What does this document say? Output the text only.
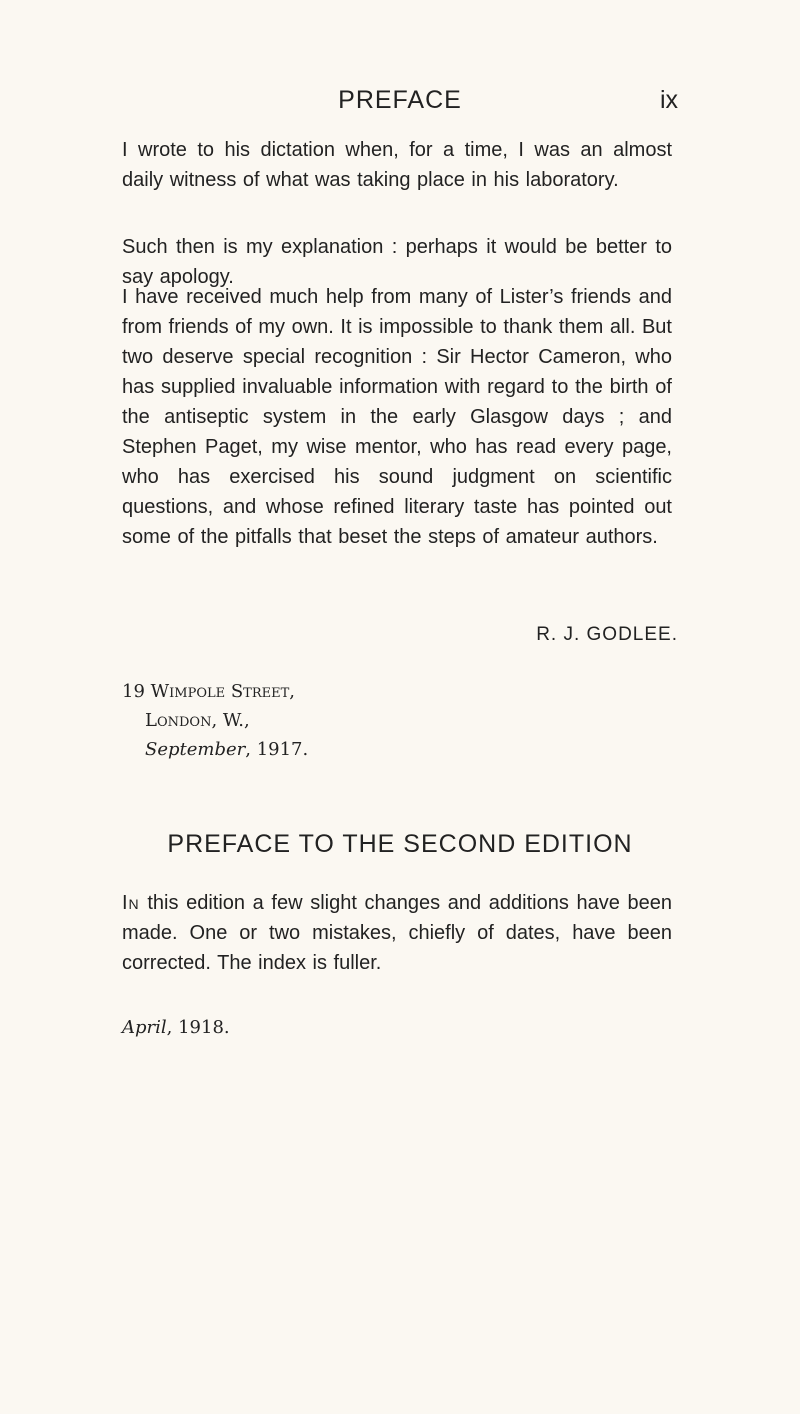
PREFACE	ix
I wrote to his dictation when, for a time, I was an almost daily witness of what was taking place in his laboratory.
Such then is my explanation : perhaps it would be better to say apology.
I have received much help from many of Lister’s friends and from friends of my own. It is impossible to thank them all. But two deserve special recognition : Sir Hector Cameron, who has supplied invaluable information with regard to the birth of the antiseptic system in the early Glasgow days ; and Stephen Paget, my wise mentor, who has read every page, who has exercised his sound judgment on scientific questions, and whose refined literary taste has pointed out some of the pitfalls that beset the steps of amateur authors.
R. J. GODLEE.
19 Wimpole Street,
London, W.,
September, 1917.
PREFACE TO THE SECOND EDITION
In this edition a few slight changes and additions have been made. One or two mistakes, chiefly of dates, have been corrected. The index is fuller.
April, 1918.
